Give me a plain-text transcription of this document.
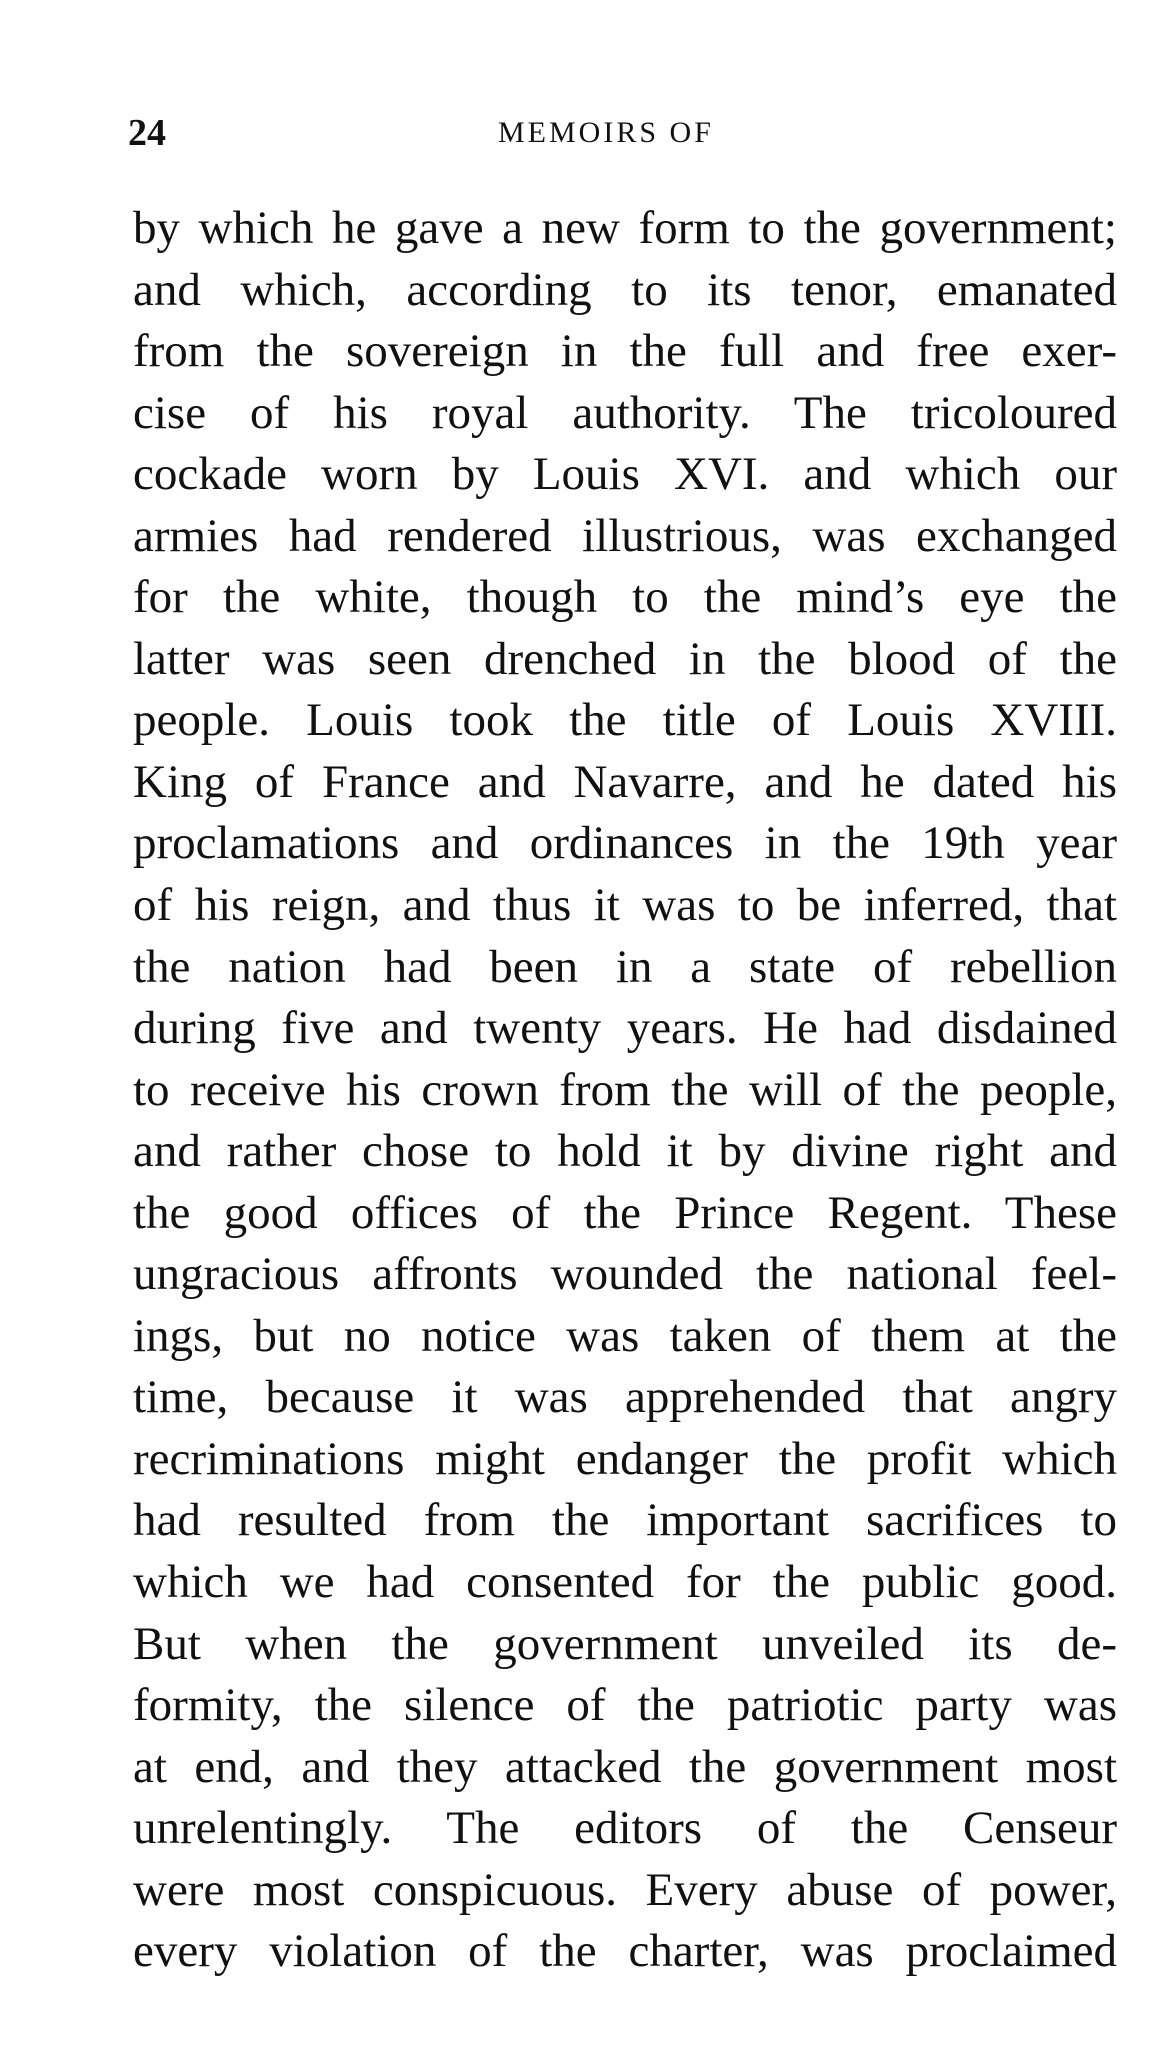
24	MEMOIRS OF
by which he gave a new form to the government;
and which, according to its tenor, emanated
from the sovereign in the full and free exer-
cise of his royal authority. The tricoloured
cockade worn by Louis XVI. and which our
armies had rendered illustrious, was exchanged
for the white, though to the mind’s eye the
latter was seen drenched in the blood of the
people. Louis took the title of Louis XVIII.
King of France and Navarre, and he dated his
proclamations and ordinances in the 19th year
of his reign, and thus it was to be inferred, that
the nation had been in a state of rebellion
during five and twenty years. He had disdained
to receive his crown from the will of the people,
and rather chose to hold it by divine right and
the good offices of the Prince Regent. These
ungracious affronts wounded the national feel-
ings, but no notice was taken of them at the
time, because it was apprehended that angry
recriminations might endanger the profit which
had resulted from the important sacrifices to
which we had consented for the public good.
But when the government unveiled its de-
formity, the silence of the patriotic party was
at end, and they attacked the government most
unrelentingly. The editors of the Censeur
were most conspicuous. Every abuse of power,
every violation of the charter, was proclaimed
